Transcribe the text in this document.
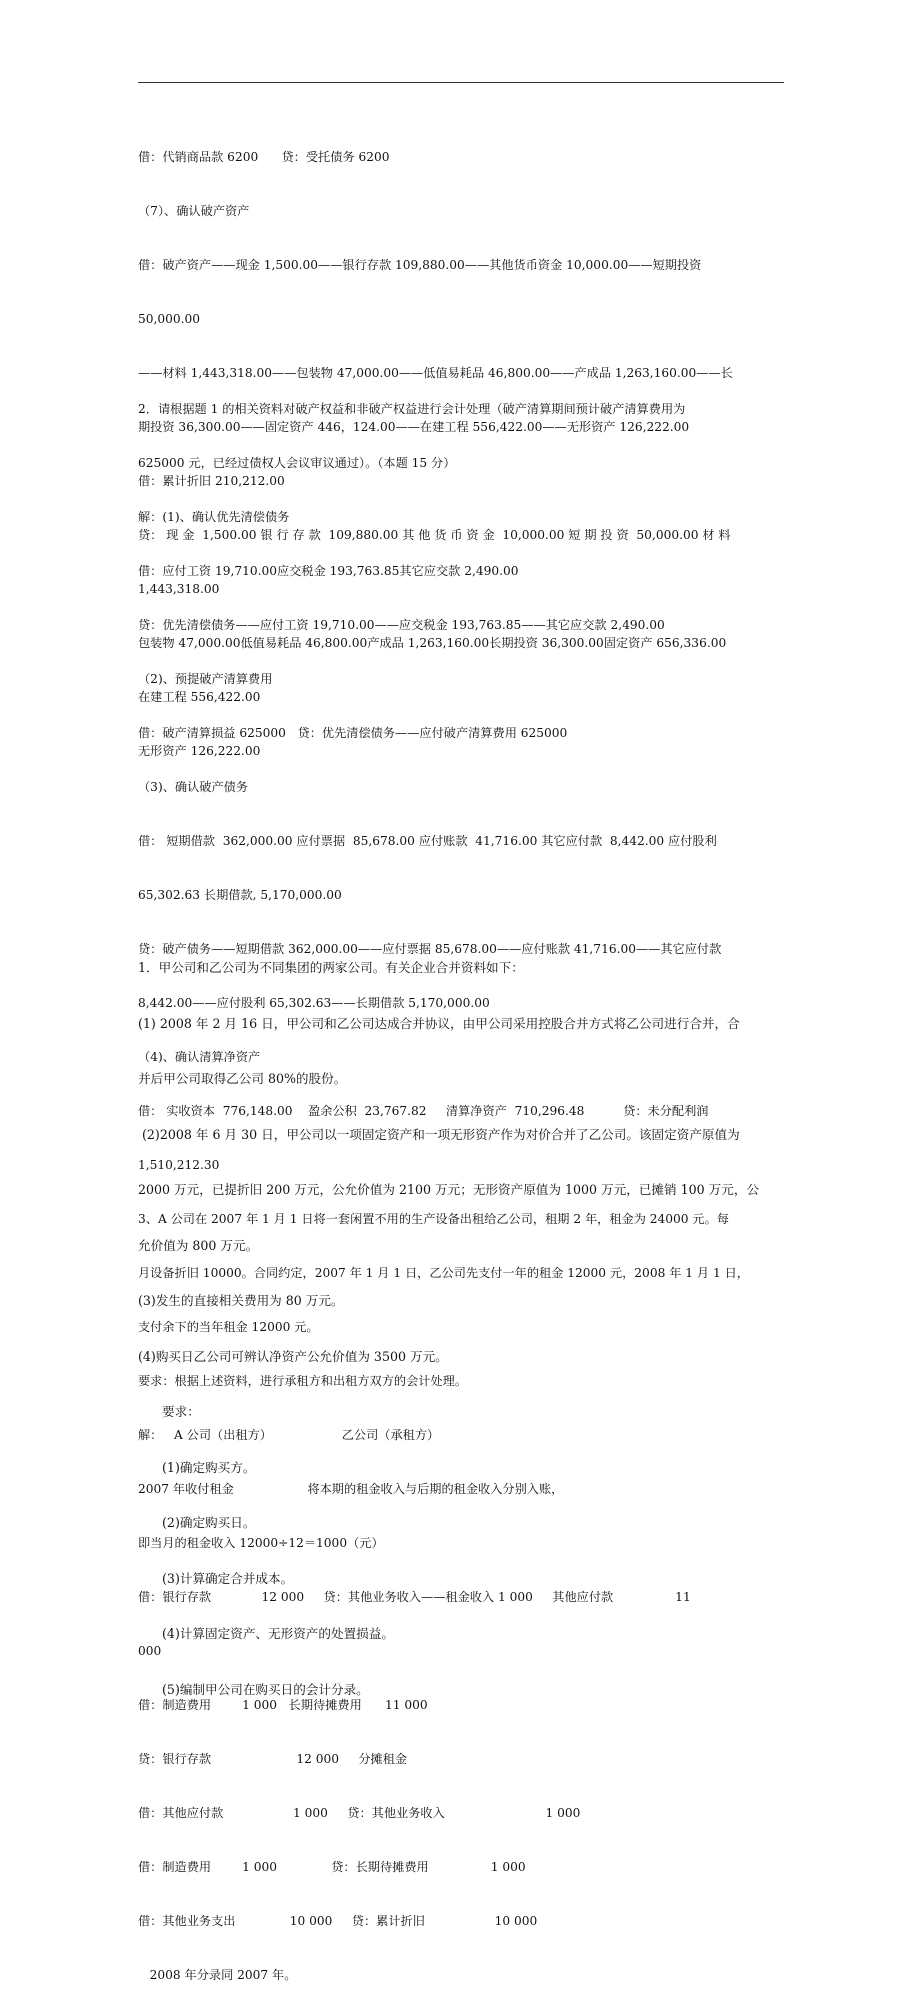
借：代销商品款 6200      贷：受托债务 6200

（7）、确认破产资产

借：破产资产——现金 1,500.00——银行存款 109,880.00——其他货币资金 10,000.00——短期投资

50,000.00

——材料 1,443,318.00——包装物 47,000.00——低值易耗品 46,800.00——产成品 1,263,160.00——长

期投资 36,300.00——固定资产 446，124.00——在建工程 556,422.00——无形资产 126,222.00

借：累计折旧 210,212.00

贷： 现 金  1,500.00 银 行 存 款  109,880.00 其 他 货 币 资 金  10,000.00 短 期 投 资  50,000.00 材 料

1,443,318.00

包装物 47,000.00低值易耗品 46,800.00产成品 1,263,160.00长期投资 36,300.00固定资产 656,336.00

在建工程 556,422.00

无形资产 126,222.00

2．请根据题 1 的相关资料对破产权益和非破产权益进行会计处理（破产清算期间预计破产清算费用为

625000 元，已经过债权人会议审议通过）。（本题 15 分）

解：(1)、确认优先清偿债务

借：应付工资 19,710.00应交税金 193,763.85其它应交款 2,490.00

贷：优先清偿债务——应付工资 19,710.00——应交税金 193,763.85——其它应交款 2,490.00

（2)、预提破产清算费用

借：破产清算损益 625000   贷：优先清偿债务——应付破产清算费用 625000

（3)、确认破产债务

借： 短期借款  362,000.00 应付票据  85,678.00 应付账款  41,716.00 其它应付款  8,442.00 应付股利

65,302.63 长期借款, 5,170,000.00

贷：破产债务——短期借款 362,000.00——应付票据 85,678.00——应付账款 41,716.00——其它应付款

8,442.00——应付股利 65,302.63——长期借款 5,170,000.00

（4)、确认清算净资产

借： 实收资本  776,148.00    盈余公积  23,767.82     清算净资产  710,296.48          贷：未分配利润

1,510,212.30

3、A 公司在 2007 年 1 月 1 日将一套闲置不用的生产设备出租给乙公司，租期 2 年，租金为 24000 元。每

月设备折旧 10000。合同约定，2007 年 1 月 1 日，乙公司先支付一年的租金 12000 元，2008 年 1 月 1 日，

支付余下的当年租金 12000 元。

要求：根据上述资料，进行承租方和出租方双方的会计处理。

解：   A 公司（出租方）                  乙公司（承租方）

2007 年收付租金                   将本期的租金收入与后期的租金收入分别入账，

即当月的租金收入 12000÷12＝1000（元）

借：银行存款             12 000     贷：其他业务收入——租金收入 1 000     其他应付款                11

000

借：制造费用        1 000   长期待摊费用      11 000

贷：银行存款                      12 000     分摊租金

借：其他应付款                  1 000     贷：其他业务收入                          1 000

借：制造费用        1 000              贷：长期待摊费用                1 000

借：其他业务支出              10 000     贷：累计折旧                  10 000

2008 年分录同 2007 年。

1．甲公司和乙公司为不同集团的两家公司。有关企业合并资料如下：

(1) 2008 年 2 月 16 日，甲公司和乙公司达成合并协议，由甲公司采用控股合并方式将乙公司进行合并，合

并后甲公司取得乙公司 80%的股份。

(2)2008 年 6 月 30 日，甲公司以一项固定资产和一项无形资产作为对价合并了乙公司。该固定资产原值为

2000 万元，已提折旧 200 万元，公允价值为 2100 万元；无形资产原值为 1000 万元，已摊销 100 万元，公

允价值为 800 万元。

(3)发生的直接相关费用为 80 万元。

(4)购买日乙公司可辨认净资产公允价值为 3500 万元。

要求：

(1)确定购买方。

(2)确定购买日。

(3)计算确定合并成本。

(4)计算固定资产、无形资产的处置损益。

(5)编制甲公司在购买日的会计分录。
